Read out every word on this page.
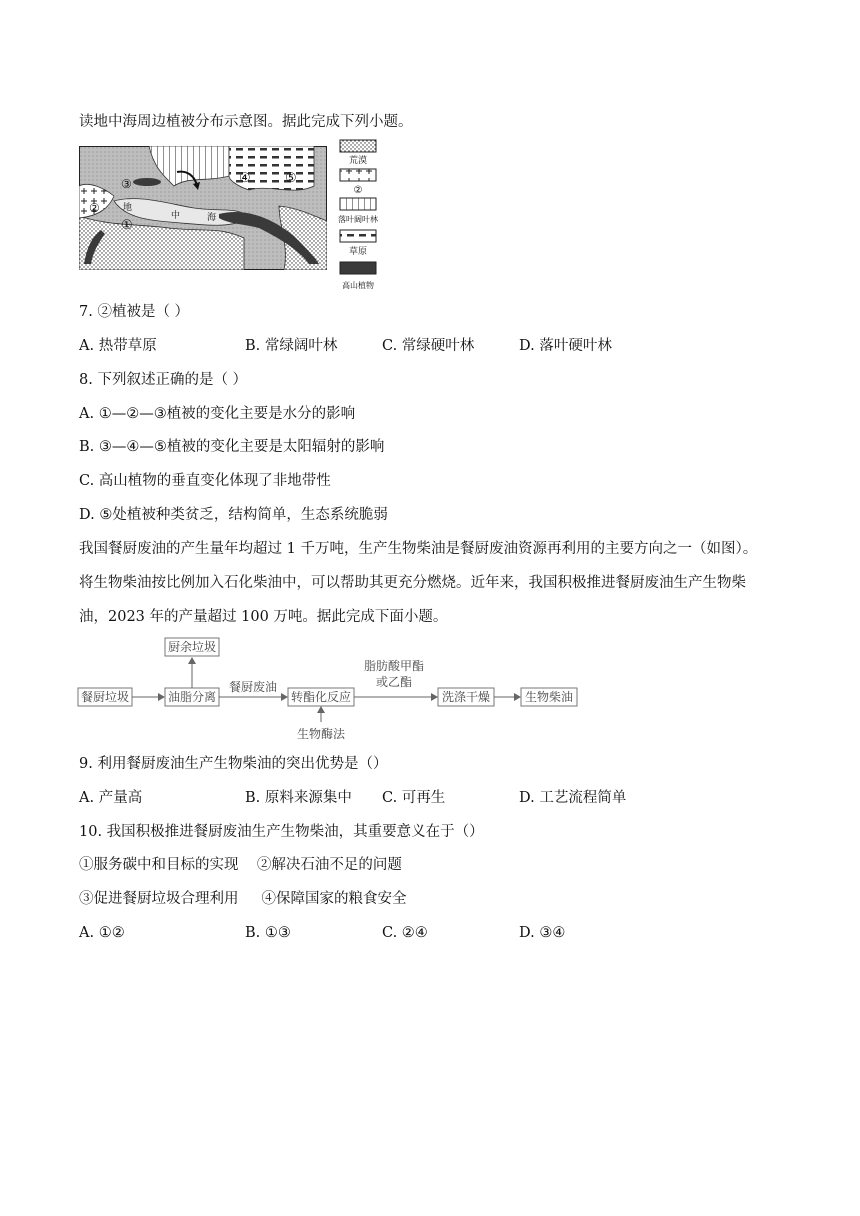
读地中海周边植被分布示意图。据此完成下列小题。
①
②
③	④	⑤
地
中	海
荒漠
②
落叶阔叶林
草原
高山植物
7. ②植被是（ ）
A. 热带草原	B. 常绿阔叶林	C. 常绿硬叶林	D. 落叶硬叶林
8. 下列叙述正确的是（ ）
A. ①—②—③植被的变化主要是水分的影响
B. ③—④—⑤植被的变化主要是太阳辐射的影响
C. 高山植物的垂直变化体现了非地带性
D. ⑤处植被种类贫乏，结构简单，生态系统脆弱
我国餐厨废油的产生量年均超过 1 千万吨，生产生物柴油是餐厨废油资源再利用的主要方向之一（如图）。
将生物柴油按比例加入石化柴油中，可以帮助其更充分燃烧。近年来，我国积极推进餐厨废油生产生物柴
油，2023 年的产量超过 100 万吨。据此完成下面小题。
餐厨垃圾	油脂分离
厨余垃圾
餐厨废油
转酯化反应
生物酶法
脂肪酸甲酯
或乙酯
洗涤干燥	生物柴油
9. 利用餐厨废油生产生物柴油的突出优势是（）
A. 产量高	B. 原料来源集中 C. 可再生	D. 工艺流程简单
10. 我国积极推进餐厨废油生产生物柴油，其重要意义在于（）
①服务碳中和目标的实现    ②解决石油不足的问题
③促进餐厨垃圾合理利用     ④保障国家的粮食安全
A. ①②	B. ①③	C. ②④	D. ③④
